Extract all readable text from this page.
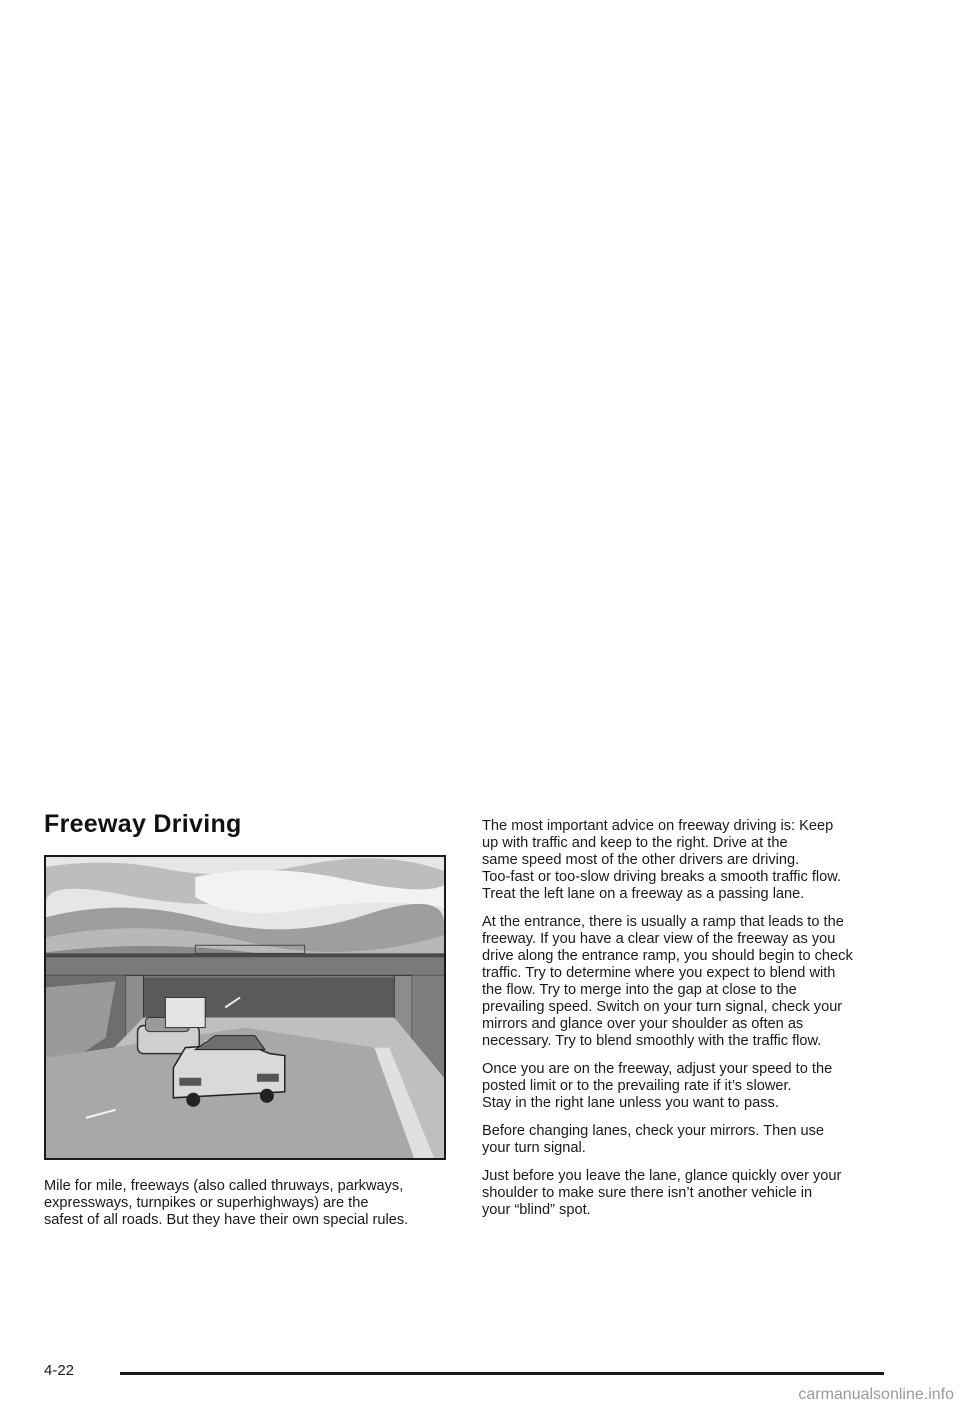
Freeway Driving

Mile for mile, freeways (also called thruways, parkways,
expressways, turnpikes or superhighways) are the
safest of all roads. But they have their own special rules.

The most important advice on freeway driving is: Keep
up with traffic and keep to the right. Drive at the
same speed most of the other drivers are driving.
Too-fast or too-slow driving breaks a smooth traffic flow.
Treat the left lane on a freeway as a passing lane.

At the entrance, there is usually a ramp that leads to the
freeway. If you have a clear view of the freeway as you
drive along the entrance ramp, you should begin to check
traffic. Try to determine where you expect to blend with
the flow. Try to merge into the gap at close to the
prevailing speed. Switch on your turn signal, check your
mirrors and glance over your shoulder as often as
necessary. Try to blend smoothly with the traffic flow.

Once you are on the freeway, adjust your speed to the
posted limit or to the prevailing rate if it’s slower.
Stay in the right lane unless you want to pass.

Before changing lanes, check your mirrors. Then use
your turn signal.

Just before you leave the lane, glance quickly over your
shoulder to make sure there isn’t another vehicle in
your “blind” spot.

4-22
carmanualsonline.info
